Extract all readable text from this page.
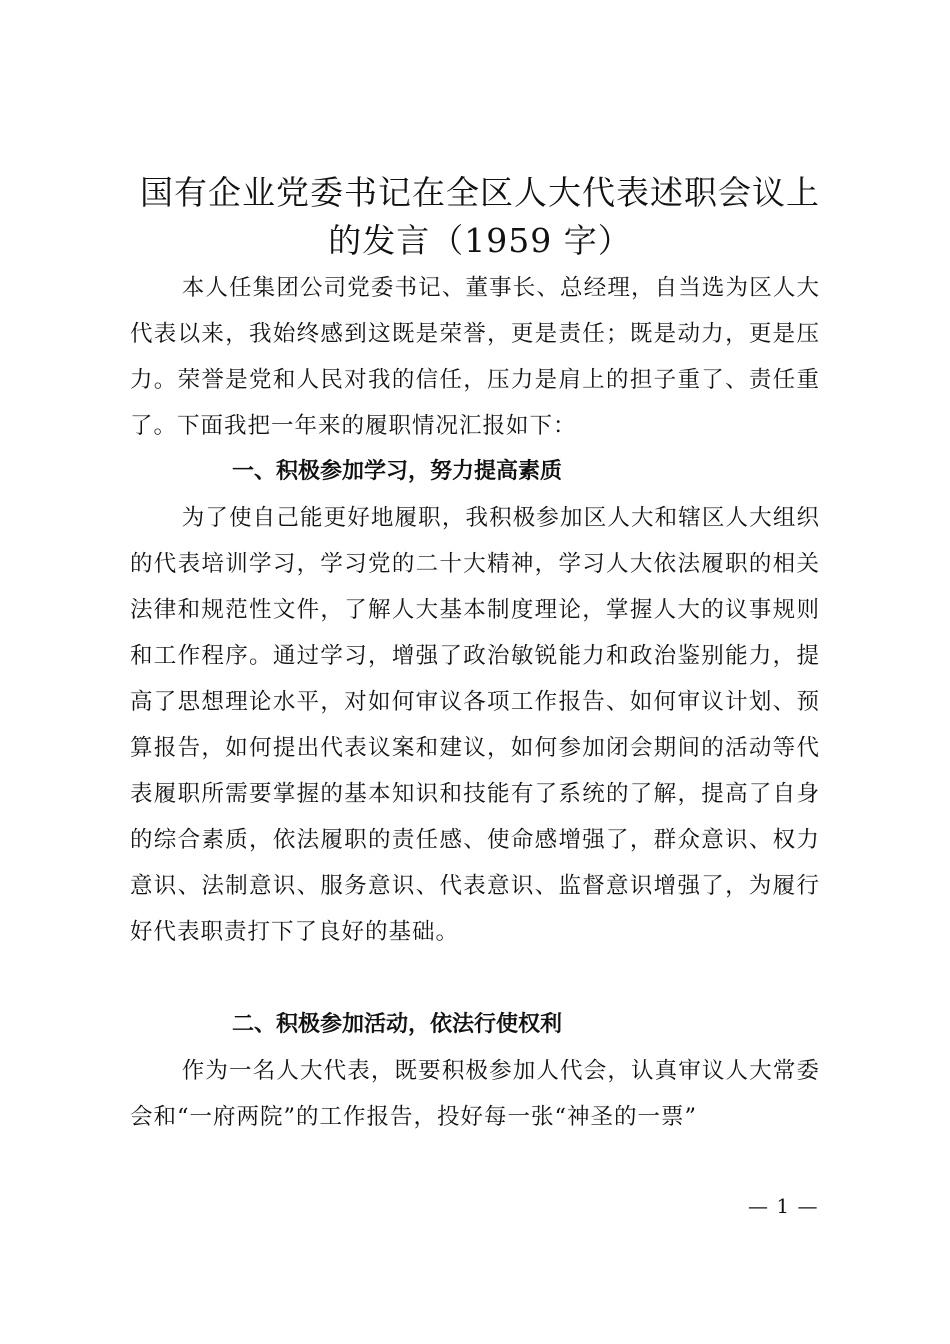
国有企业党委书记在全区人大代表述职会议上
的发言（1959 字）

本人任集团公司党委书记、董事长、总经理，自当选为区人大代表以来，我始终感到这既是荣誉，更是责任；既是动力，更是压力。荣誉是党和人民对我的信任，压力是肩上的担子重了、责任重了。下面我把一年来的履职情况汇报如下：

一、积极参加学习，努力提高素质

为了使自己能更好地履职，我积极参加区人大和辖区人大组织的代表培训学习，学习党的二十大精神，学习人大依法履职的相关法律和规范性文件，了解人大基本制度理论，掌握人大的议事规则和工作程序。通过学习，增强了政治敏锐能力和政治鉴别能力，提高了思想理论水平，对如何审议各项工作报告、如何审议计划、预算报告，如何提出代表议案和建议，如何参加闭会期间的活动等代表履职所需要掌握的基本知识和技能有了系统的了解，提高了自身的综合素质，依法履职的责任感、使命感增强了，群众意识、权力意识、法制意识、服务意识、代表意识、监督意识增强了，为履行好代表职责打下了良好的基础。

二、积极参加活动，依法行使权利

作为一名人大代表，既要积极参加人代会，认真审议人大常委会和“一府两院”的工作报告，投好每一张“神圣的一票”

— 1 —
